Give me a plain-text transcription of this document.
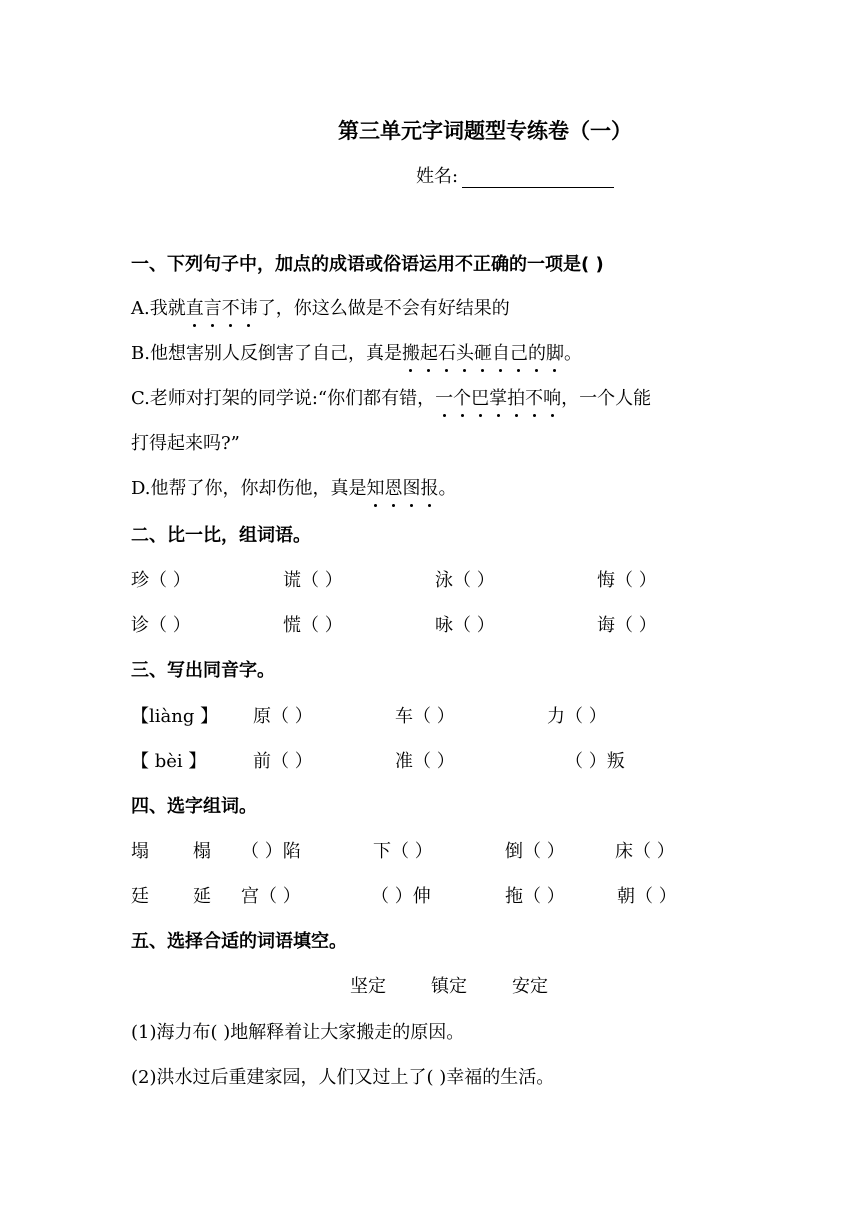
第三单元字词题型专练卷（一）
姓名:
一、下列句子中，加点的成语或俗语运用不正确的一项是( )
A.我就直言不讳了，你这么做是不会有好结果的
B.他想害别人反倒害了自己，真是搬起石头砸自己的脚。
C.老师对打架的同学说:“你们都有错，一个巴掌拍不响，一个人能
打得起来吗?”
D.他帮了你，你却伤他，真是知恩图报。
二、比一比，组词语。
珍（ ）	谎（ ）	泳（ ）	悔（ ）
诊（ ）	慌（ ）	咏（ ）	诲（ ）
三、写出同音字。
【liàng 】 原（ ）	车（ ）	力（ ）
【 bèi 】	前（ ）	准（ ）	（ ）叛
四、选字组词。
塌 榻 （ ）陷	下（ ）	倒（ ）	床（ ）
廷 延 宫（ ）	（ ）伸	拖（ ）	朝（ ）
五、选择合适的词语填空。
坚定	镇定	安定
(1)海力布( )地解释着让大家搬走的原因。
(2)洪水过后重建家园，人们又过上了( )幸福的生活。
